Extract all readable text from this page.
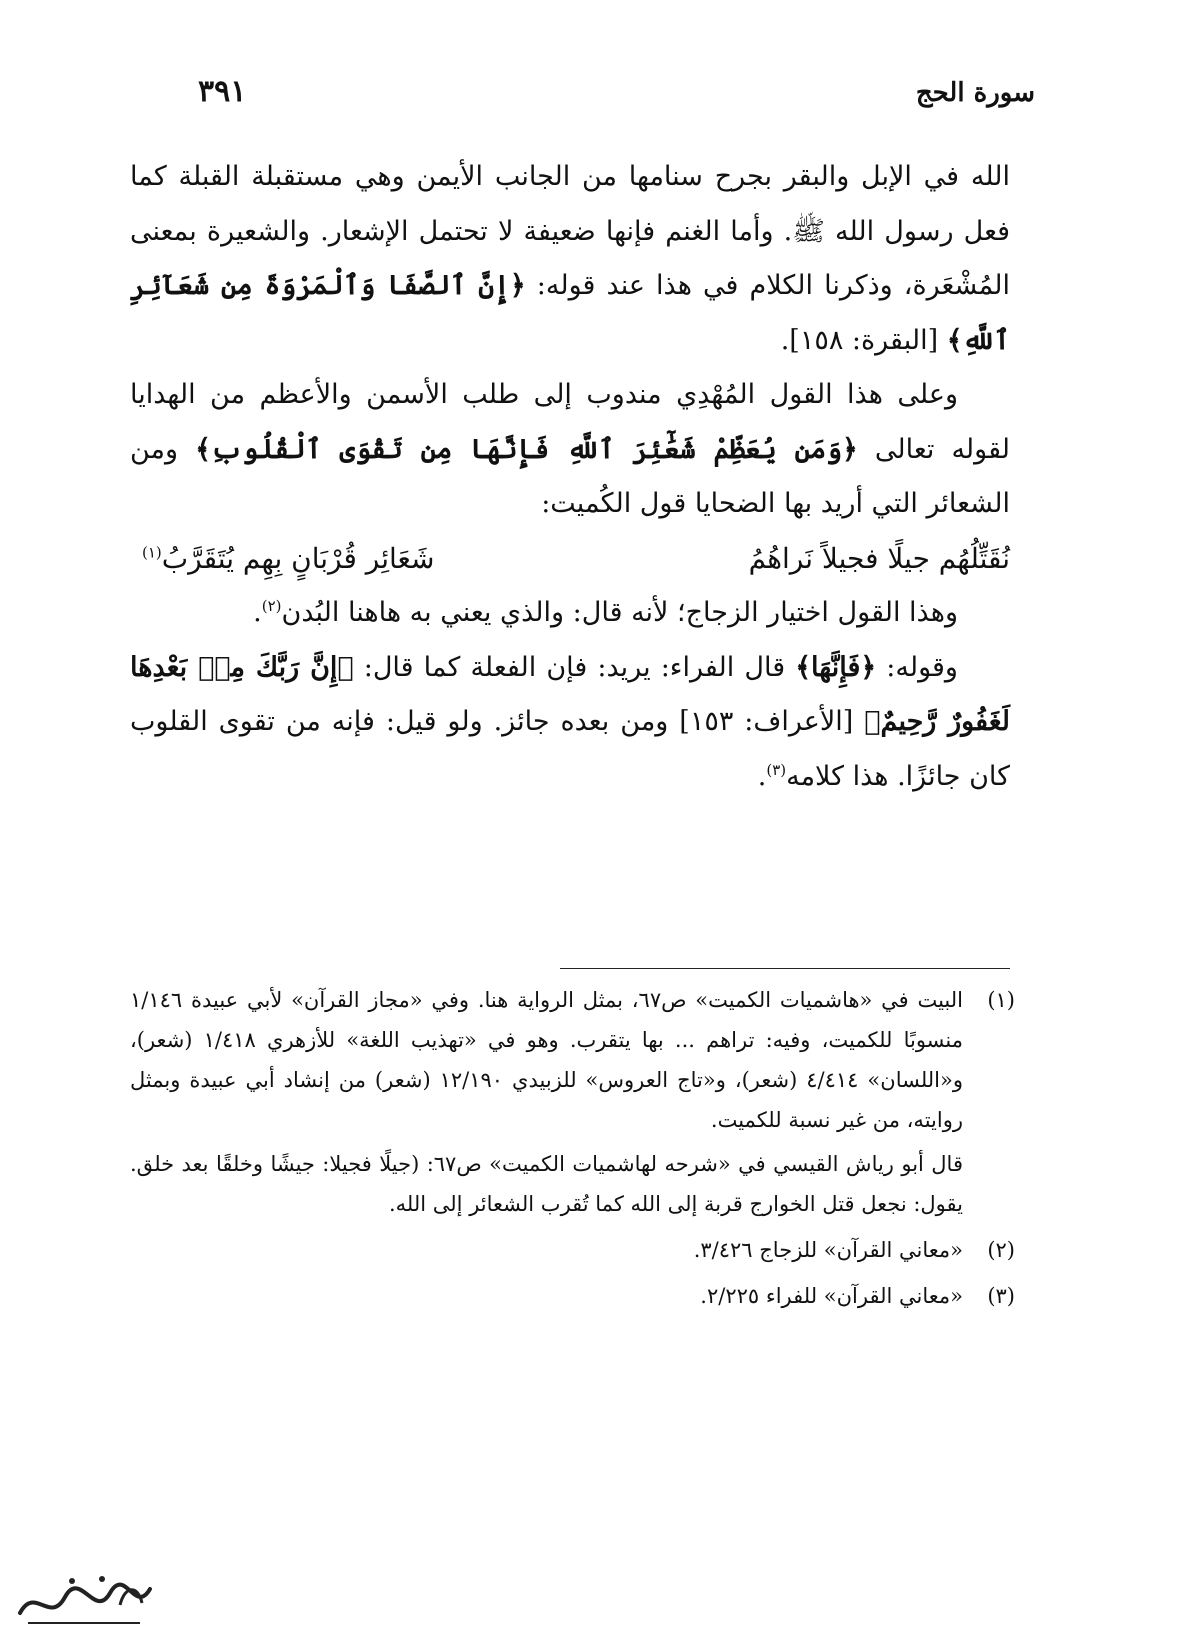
سورة الحج
٣٩١

الله في الإبل والبقر بجرح سنامها من الجانب الأيمن وهي مستقبلة القبلة كما فعل رسول الله ﷺ. وأما الغنم فإنها ضعيفة لا تحتمل الإشعار. والشعيرة بمعنى المُشْعَرة، وذكرنا الكلام في هذا عند قوله: ﴿إِنَّ ٱلصَّفَا وَٱلْمَرْوَةَ مِن شَعَآئِرِ ٱللَّهِ﴾ [البقرة: ١٥٨].

وعلى هذا القول المُهْدِي مندوب إلى طلب الأسمن والأعظم من الهدايا لقوله تعالى ﴿وَمَن يُعَظِّمْ شَعَٰٓئِرَ ٱللَّهِ فَإِنَّهَا مِن تَقْوَى ٱلْقُلُوبِ﴾ ومن الشعائر التي أريد بها الضحايا قول الكُميت:

نُقَتِّلُهُم جيلًا فجيلاً نَراهُمُ
شَعَائِر قُرْبَانٍ بِهِم يُتَقَرَّبُ$^{(١)}$

وهذا القول اختيار الزجاج؛ لأنه قال: والذي يعني به هاهنا البُدن$^{(٢)}$.

وقوله: ﴿فَإِنَّهَا﴾ قال الفراء: يريد: فإن الفعلة كما قال: ﴿إِنَّ رَبَّكَ مِنۢ بَعْدِهَا لَغَفُورٌ رَّحِيمٌ﴾ [الأعراف: ١٥٣] ومن بعده جائز. ولو قيل: فإنه من تقوى القلوب كان جائزًا. هذا كلامه$^{(٣)}$.

(١)
البيت في «هاشميات الكميت» ص٦٧، بمثل الرواية هنا. وفي «مجاز القرآن» لأبي عبيدة ١/١٤٦ منسوبًا للكميت، وفيه: تراهم ... بها يتقرب. وهو في «تهذيب اللغة» للأزهري ١/٤١٨ (شعر)، و«اللسان» ٤/٤١٤ (شعر)، و«تاج العروس» للزبيدي ١٢/١٩٠ (شعر) من إنشاد أبي عبيدة وبمثل روايته، من غير نسبة للكميت.
قال أبو رياش القيسي في «شرحه لهاشميات الكميت» ص٦٧: (جيلًا فجيلا: جيشًا وخلقًا بعد خلق. يقول: نجعل قتل الخوارج قربة إلى الله كما تُقرب الشعائر إلى الله.
(٢)
«معاني القرآن» للزجاج ٣/٤٢٦.
(٣)
«معاني القرآن» للفراء ٢/٢٢٥.
